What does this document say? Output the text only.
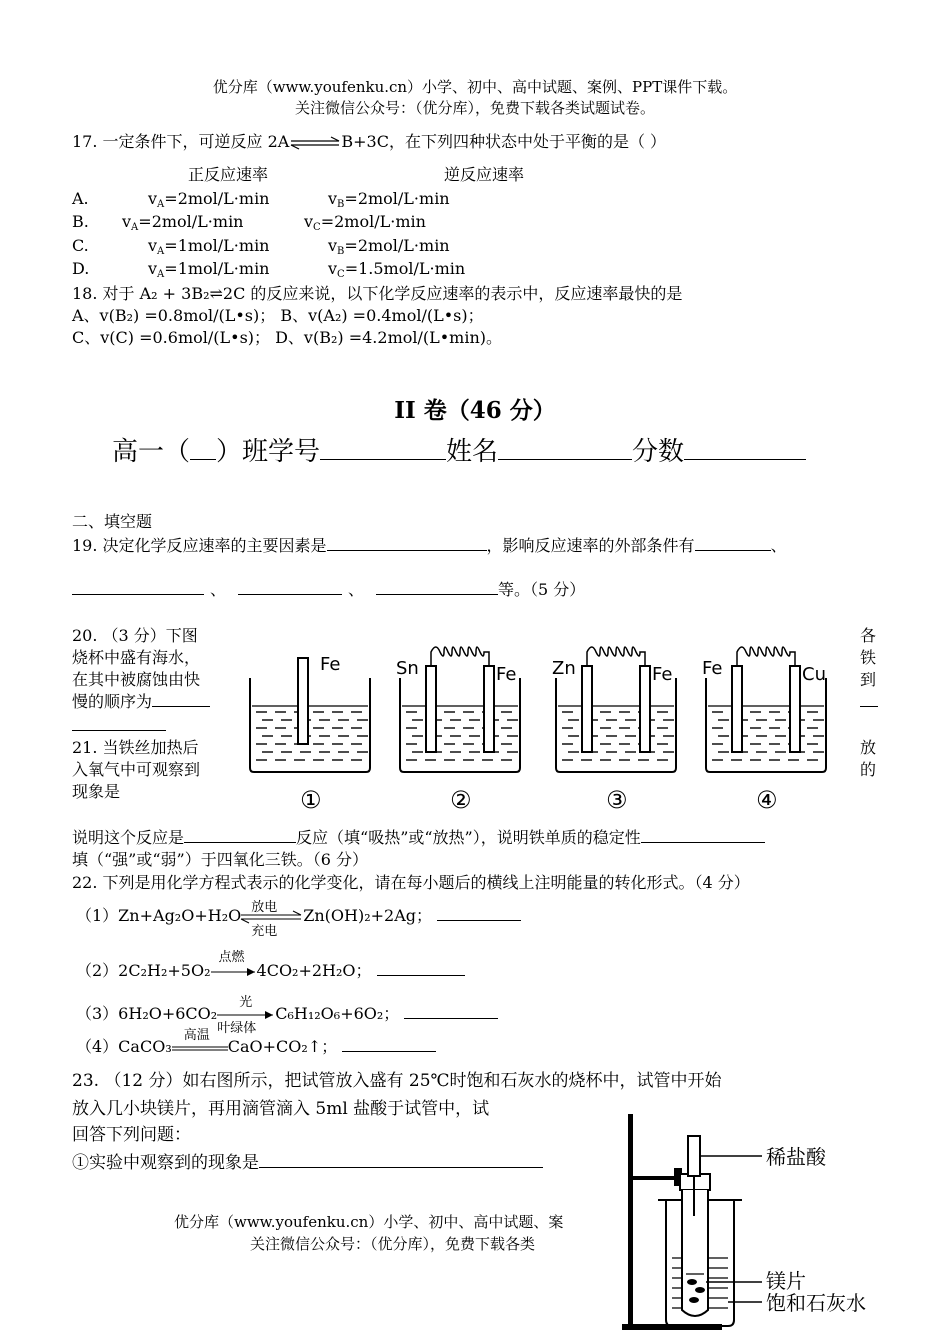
优分库（www.youfenku.cn）小学、初中、高中试题、案例、PPT课件下载。
关注微信公众号：（优分库），免费下载各类试题试卷。
17. 一定条件下，可逆反应 2A⇌B+3C，在下列四种状态中处于平衡的是（ ）
正反应速率	逆反应速率
A.	$v_A=2mol/L\cdot\min$	$v_B=2mol/L\cdot\min$
B. $v_A=2mol/L\cdot\min$	$v_C=2mol/L\cdot\min$
C.	$v_A=1mol/L\cdot\min$	$v_B=2mol/L\cdot\min$
D.	$v_A=1mol/L\cdot\min$	$v_C=1.5mol/L\cdot\min$
18. 对于 A₂ + 3B₂⇌2C 的反应来说，以下化学反应速率的表示中，反应速率最快的是
A、v(B₂) =0.8mol/(L•s)； B、v(A₂) =0.4mol/(L•s)；
C、v(C) =0.6mol/(L•s)； D、v(B₂) =4.2mol/(L•min)。
II 卷（46 分）
高一（ ）班学号	姓名	分数
二、填空题
19. 决定化学反应速率的主要因素是	，影响反应速率的外部条件有	、
、	、	等。（5 分）
20. （3 分）下图
烧杯中盛有海水，
在其中被腐蚀由快
慢的顺序为
21. 当铁丝加热后
入氧气中可观察到
现象是
各
铁
到
放
的
Fe
①
Sn	Fe
②
Zn	Fe
③
Fe	Cu
④
说明这个反应是	反应（填“吸热”或“放热”），说明铁单质的稳定性
填（“强”或“弱”）于四氧化三铁。（6 分）
22. 下列是用化学方程式表示的化学变化，请在每小题后的横线上注明能量的转化形式。（4 分）
（1）Zn+Ag₂O+H₂O 放电
充电
Zn(OH)₂+2Ag；
（2）2C₂H₂+5O₂
点燃
4CO₂+2H₂O；
（3）6H₂O+6CO₂
光
叶绿体
C₆H₁₂O₆+6O₂；
（4）CaCO₃
高温
CaO+CO₂↑；
23. （12 分）如右图所示，把试管放入盛有 25℃时饱和石灰水的烧杯中，试管中开始
放入几小块镁片，再用滴管滴入 5ml 盐酸于试管中，试
回答下列问题：
①实验中观察到的现象是
优分库（www.youfenku.cn）小学、初中、高中试题、案
关注微信公众号：（优分库），免费下载各类
稀盐酸
镁片
饱和石灰水
